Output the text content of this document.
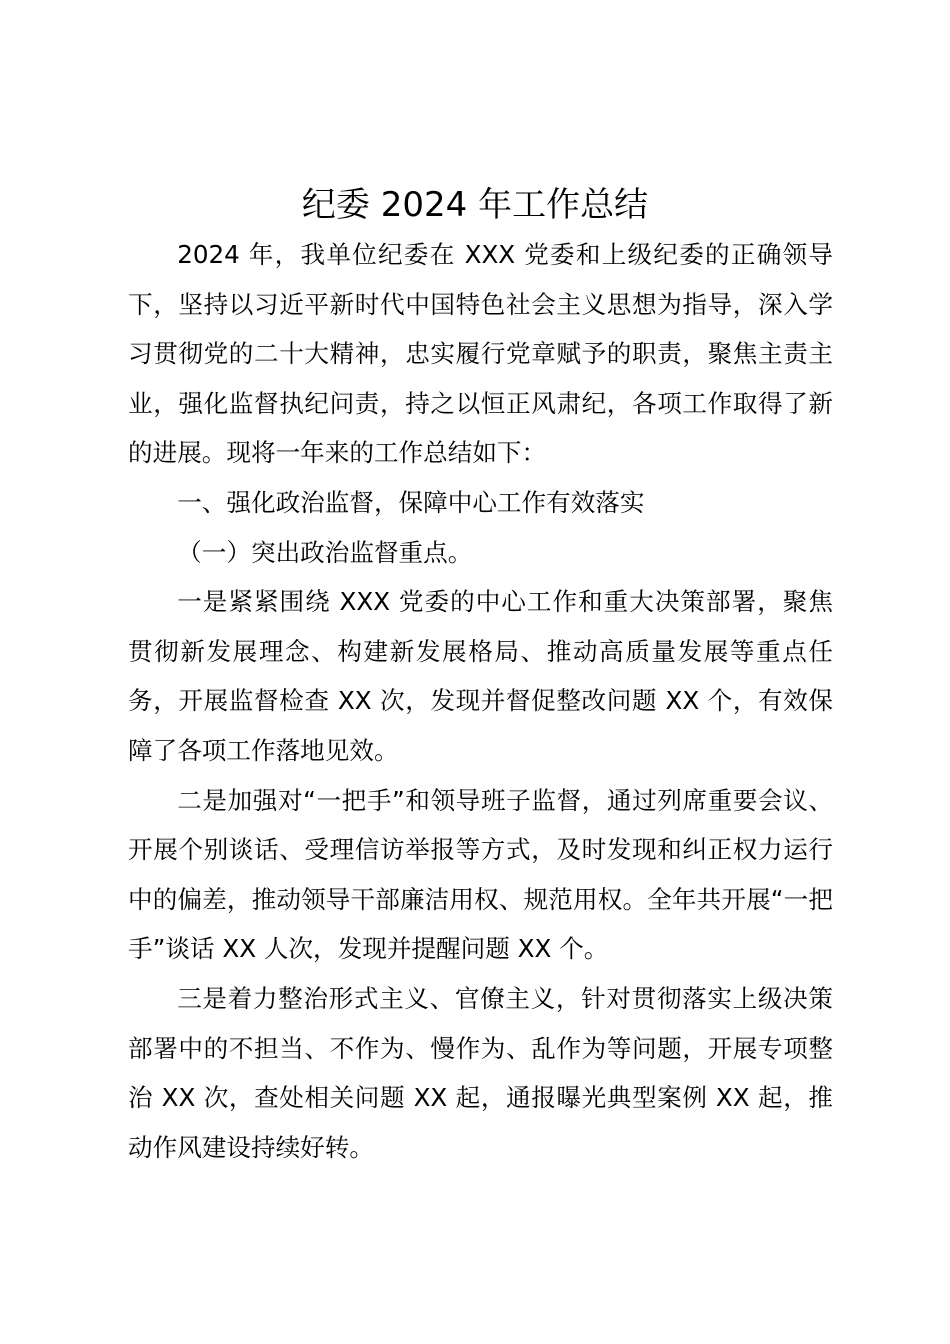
纪委 2024 年工作总结

2024 年，我单位纪委在 XXX 党委和上级纪委的正确领导下，坚持以习近平新时代中国特色社会主义思想为指导，深入学习贯彻党的二十大精神，忠实履行党章赋予的职责，聚焦主责主业，强化监督执纪问责，持之以恒正风肃纪，各项工作取得了新的进展。现将一年来的工作总结如下：

一、强化政治监督，保障中心工作有效落实

（一）突出政治监督重点。

一是紧紧围绕 XXX 党委的中心工作和重大决策部署，聚焦贯彻新发展理念、构建新发展格局、推动高质量发展等重点任务，开展监督检查 XX 次，发现并督促整改问题 XX 个，有效保障了各项工作落地见效。

二是加强对“一把手”和领导班子监督，通过列席重要会议、开展个别谈话、受理信访举报等方式，及时发现和纠正权力运行中的偏差，推动领导干部廉洁用权、规范用权。全年共开展“一把手”谈话 XX 人次，发现并提醒问题 XX 个。

三是着力整治形式主义、官僚主义，针对贯彻落实上级决策部署中的不担当、不作为、慢作为、乱作为等问题，开展专项整治 XX 次，查处相关问题 XX 起，通报曝光典型案例 XX 起，推动作风建设持续好转。
